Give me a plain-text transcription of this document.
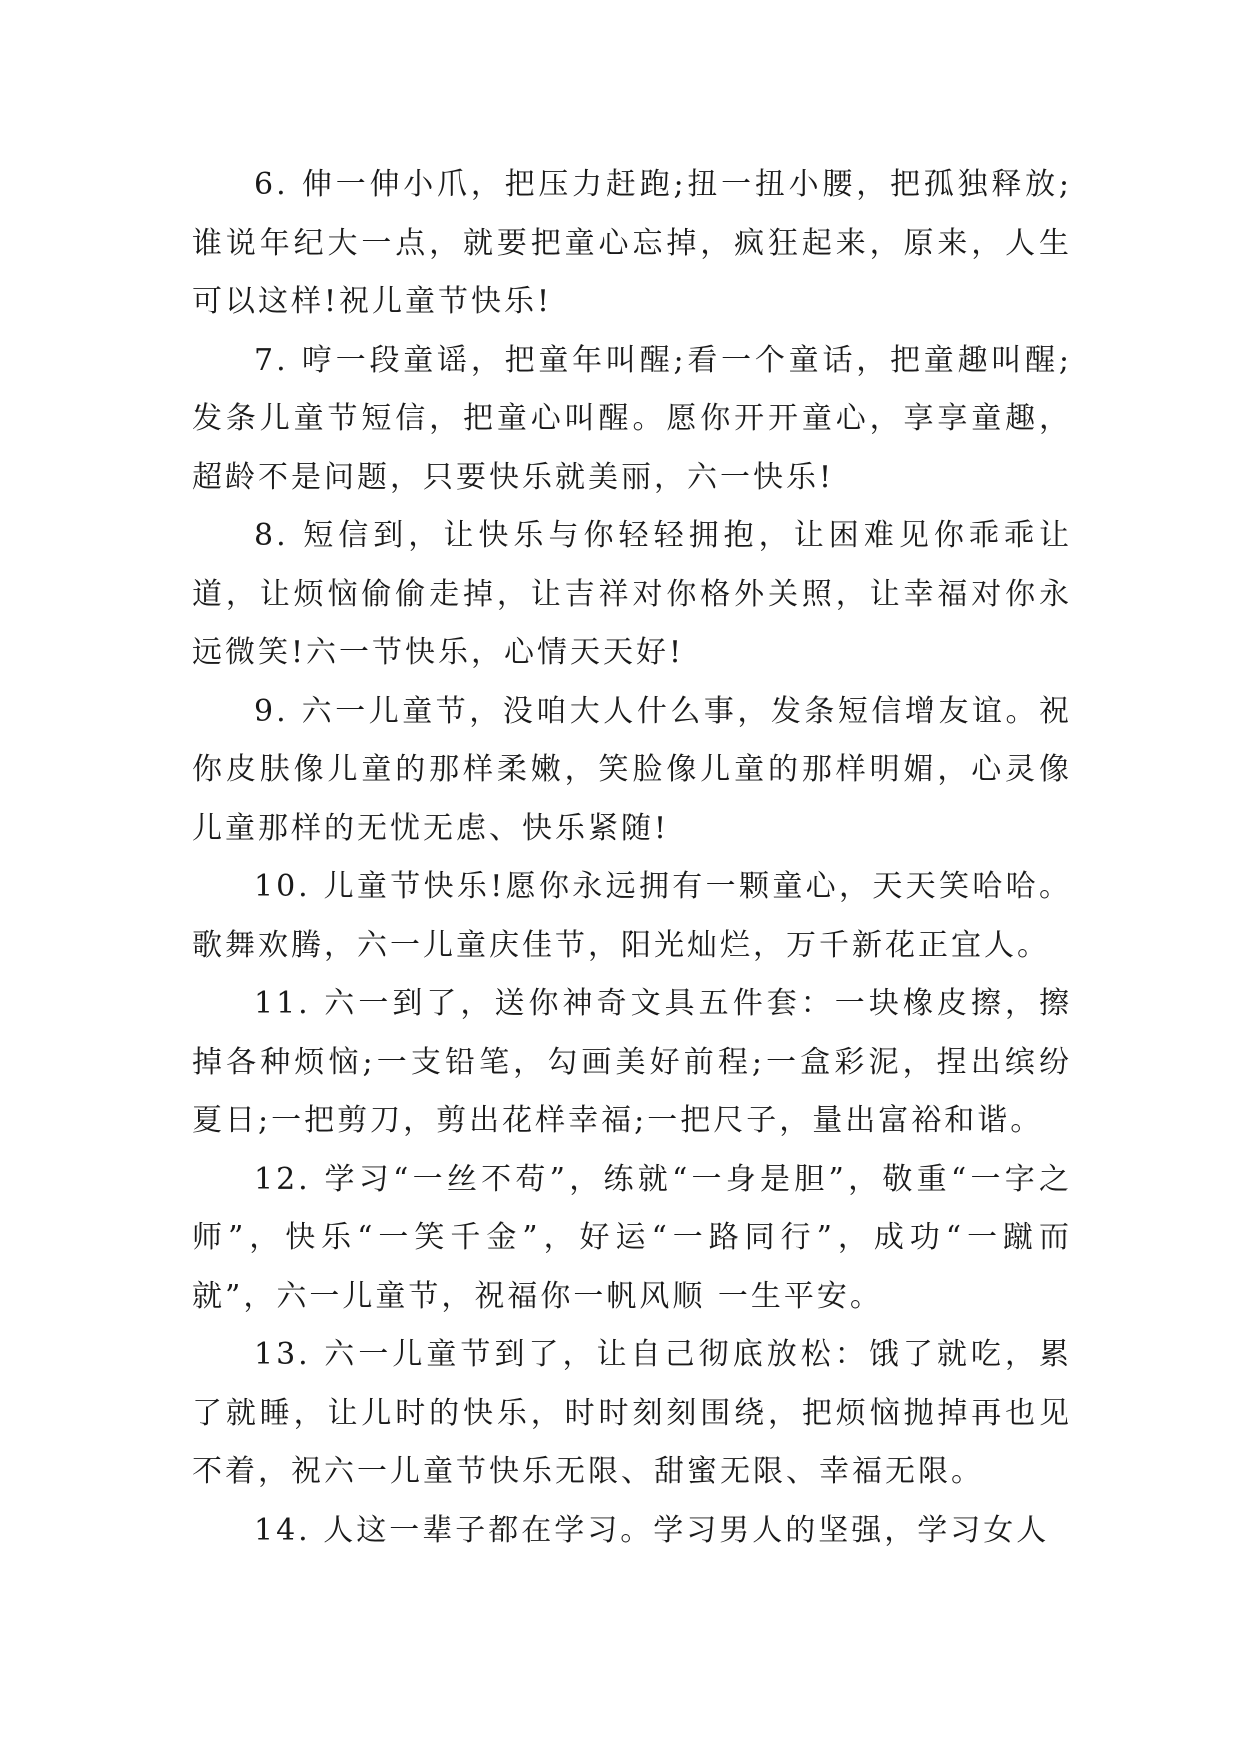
6. 伸一伸小爪，把压力赶跑;扭一扭小腰，把孤独释放;谁说年纪大一点，就要把童心忘掉，疯狂起来，原来，人生可以这样!祝儿童节快乐!

7. 哼一段童谣，把童年叫醒;看一个童话，把童趣叫醒;发条儿童节短信，把童心叫醒。愿你开开童心，享享童趣，超龄不是问题，只要快乐就美丽，六一快乐!

8. 短信到，让快乐与你轻轻拥抱，让困难见你乖乖让道，让烦恼偷偷走掉，让吉祥对你格外关照，让幸福对你永远微笑!六一节快乐，心情天天好!

9. 六一儿童节，没咱大人什么事，发条短信增友谊。祝你皮肤像儿童的那样柔嫩，笑脸像儿童的那样明媚，心灵像儿童那样的无忧无虑、快乐紧随!

10. 儿童节快乐!愿你永远拥有一颗童心，天天笑哈哈。歌舞欢腾，六一儿童庆佳节，阳光灿烂，万千新花正宜人。

11. 六一到了，送你神奇文具五件套：一块橡皮擦，擦掉各种烦恼;一支铅笔，勾画美好前程;一盒彩泥，捏出缤纷夏日;一把剪刀，剪出花样幸福;一把尺子，量出富裕和谐。

12. 学习“一丝不苟”，练就“一身是胆”，敬重“一字之师”，快乐“一笑千金”，好运“一路同行”，成功“一蹴而就”，六一儿童节，祝福你一帆风顺 一生平安。

13. 六一儿童节到了，让自己彻底放松：饿了就吃，累了就睡，让儿时的快乐，时时刻刻围绕，把烦恼抛掉再也见不着，祝六一儿童节快乐无限、甜蜜无限、幸福无限。

14. 人这一辈子都在学习。学习男人的坚强，学习女人
